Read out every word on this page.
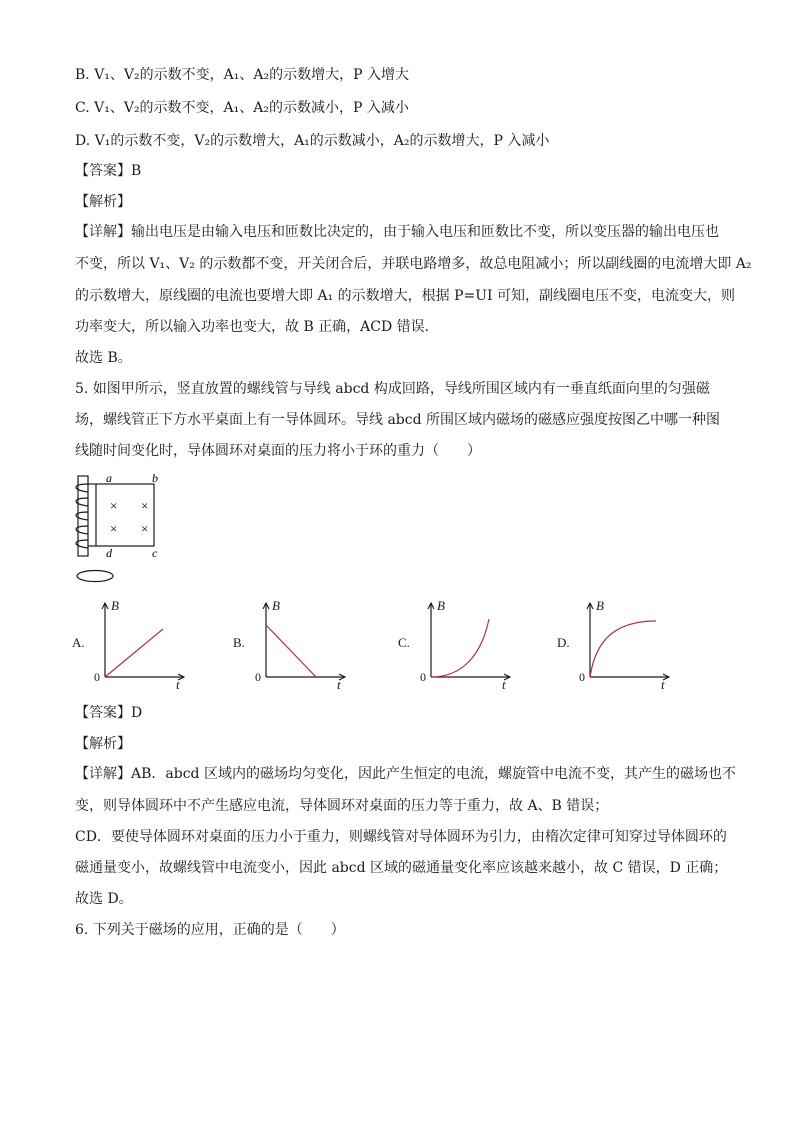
B. V₁、V₂的示数不变，A₁、A₂的示数增大，P 入增大
C. V₁、V₂的示数不变，A₁、A₂的示数减小，P 入减小
D. V₁的示数不变，V₂的示数增大，A₁的示数减小，A₂的示数增大，P 入减小
【答案】B
【解析】
【详解】输出电压是由输入电压和匝数比决定的，由于输入电压和匝数比不变，所以变压器的输出电压也
不变，所以 V₁、V₂ 的示数都不变，开关闭合后，并联电路增多，故总电阻减小；所以副线圈的电流增大即 A₂
的示数增大，原线圈的电流也要增大即 A₁ 的示数增大，根据 P=UI 可知，副线圈电压不变，电流变大，则
功率变大，所以输入功率也变大，故 B 正确，ACD 错误．
故选 B。
5. 如图甲所示，竖直放置的螺线管与导线 abcd 构成回路，导线所围区域内有一垂直纸面向里的匀强磁
场，螺线管正下方水平桌面上有一导体圆环。导线 abcd 所围区域内磁场的磁感应强度按图乙中哪一种图
线随时间变化时，导体圆环对桌面的压力将小于环的重力（　　）
a	b
c
d
× ×
× ×
A.
B
t
0
B.
B
t
0
C.
B
t
0
D.
B
t
0
【答案】D
【解析】
【详解】AB．abcd 区域内的磁场均匀变化，因此产生恒定的电流，螺旋管中电流不变，其产生的磁场也不
变，则导体圆环中不产生感应电流，导体圆环对桌面的压力等于重力，故 A、B 错误；
CD．要使导体圆环对桌面的压力小于重力，则螺线管对导体圆环为引力，由楕次定律可知穿过导体圆环的
磁通量变小，故螺线管中电流变小，因此 abcd 区域的磁通量变化率应该越来越小，故 C 错误，D 正确；
故选 D。
6. 下列关于磁场的应用，正确的是（　　）
